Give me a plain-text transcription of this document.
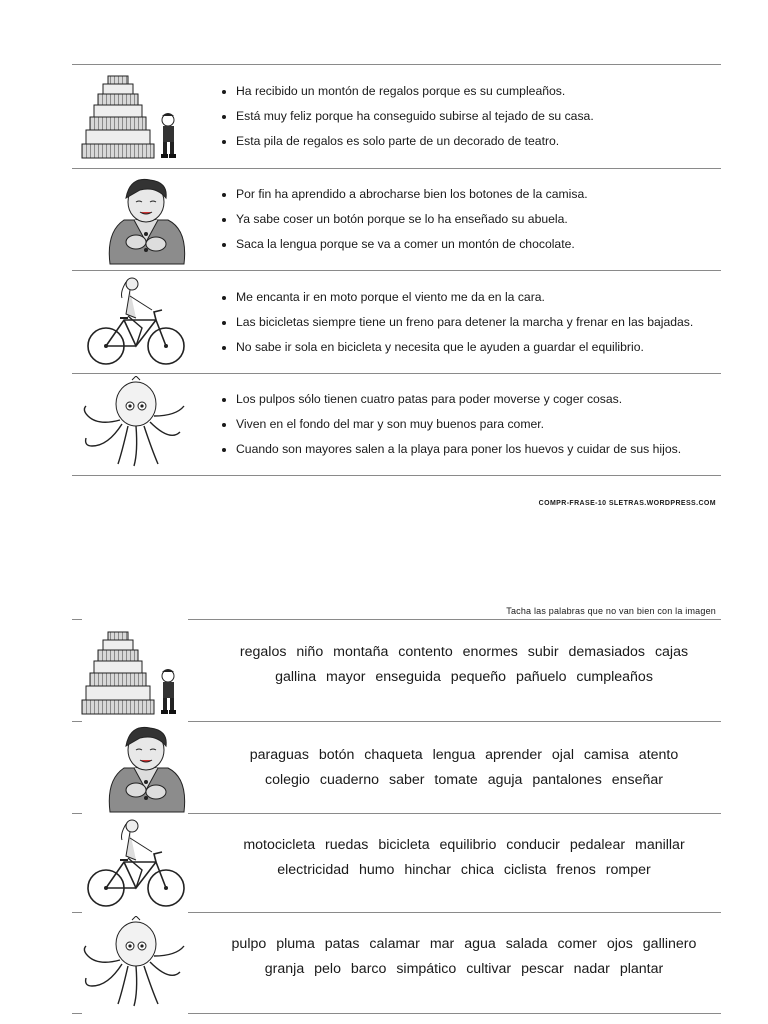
• Ha recibido un montón de regalos porque es su cumpleaños.
• Está muy feliz porque ha conseguido subirse al tejado de su casa.
• Esta pila de regalos es solo parte de un decorado de teatro.
• Por fin ha aprendido a abrocharse bien los botones de la camisa.
• Ya sabe coser un botón porque se lo ha enseñado su abuela.
• Saca la lengua porque se va a comer un montón de chocolate.
• Me encanta ir en moto porque el viento me da en la cara.
• Las bicicletas siempre tiene un freno para detener la marcha y frenar en las bajadas.
• No sabe ir sola en bicicleta y necesita que le ayuden a guardar el equilibrio.
• Los pulpos sólo tienen cuatro patas para poder moverse y coger cosas.
• Viven en el fondo del mar y son muy buenos para comer.
• Cuando son mayores salen a la playa para poner los huevos y cuidar de sus hijos.
COMPR-FRASE-10 SLETRAS.WORDPRESS.COM
Tacha las palabras que no van bien con la imagen
regalos niño montaña contento enormes subir demasiados cajas
gallina mayor enseguida pequeño pañuelo cumpleaños
paraguas botón chaqueta lengua aprender ojal camisa atento
colegio cuaderno saber tomate aguja pantalones enseñar
motocicleta ruedas bicicleta equilibrio conducir pedalear manillar
electricidad humo hinchar chica ciclista frenos romper
pulpo pluma patas calamar mar agua salada comer ojos gallinero
granja pelo barco simpático cultivar pescar nadar plantar
